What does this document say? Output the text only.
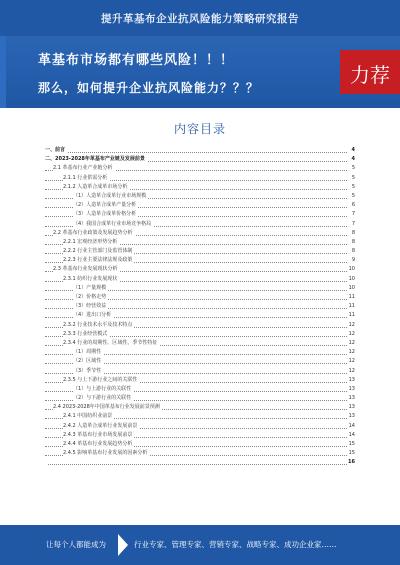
提升革基布企业抗风险能力策略研究报告
革基布市场都有哪些风险！！！
那么，如何提升企业抗风险能力？？？
力荐
内容目录
一、前言	4
二、2023-2028年革基布产业链及发展前景	4
2.1 革基布行业产业链分析	5
2.1.1 行业供需分析	5
2.1.2 人造革合成革市场分析	5
（1）人造革合成革行业市场规模	5
（2）人造革合成革产量分析	6
（3）人造革合成革价格分析	7
（4）我国合成革行业市场竞争格局	7
2.2 革基布行业政策及发展趋势分析	8
2.2.1 宏观经济形势分析	8
2.2.2 行业主管部门及监管体制	8
2.2.3 行业主要法律法规及政策	9
2.3 革基布行业发展现状分析	10
2.3.1 纺织行业发展现状	10
（1）产量规模	10
（2）价格走势	11
（3）经营效益	11
（4）进出口分析	11
2.3.2 行业技术水平及技术特点	12
2.3.3 行业经营模式	12
2.3.4 行业的周期性、区域性、季节性特征	12
（1）周期性	12
（2）区域性	12
（3）季节性	12
2.3.5 与上下游行业之间的关联性	13
（1）与上游行业的关联性	13
（2）与下游行业的关联性	13
2.4 2023-2028年中国革基布行业发展前景预测	13
2.4.1 中国纺织业前景	13
2.4.2 人造革合成革行业发展前景	14
2.4.3 革基布行业市场发展前景	14
2.4.4 革基布行业发展趋势分析	15
2.4.5 影响革基布行业发展的因素分析	15
16
让每个人都能成为	行业专家、管理专家、营销专家、战略专家、成功企业家……
